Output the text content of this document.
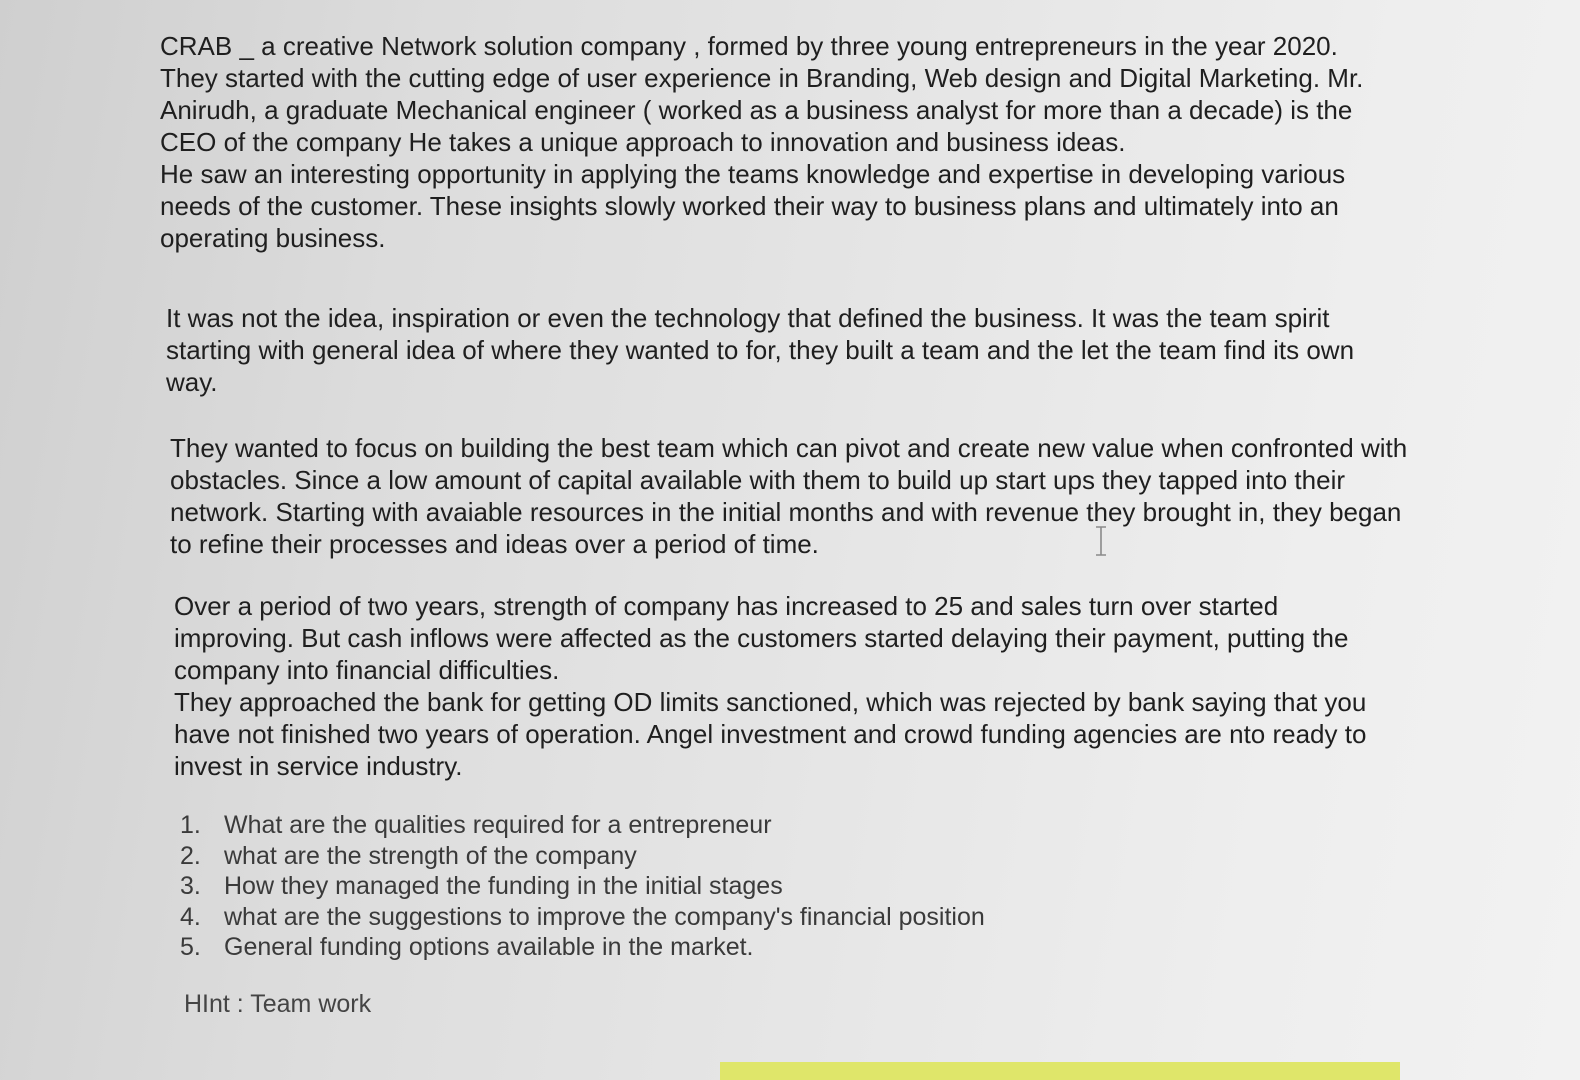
CRAB _ a creative Network solution company , formed by three young entrepreneurs in the year 2020.

They started with the cutting edge of user experience in Branding, Web design and Digital Marketing. Mr.

Anirudh, a graduate Mechanical engineer ( worked as a business analyst for more than a decade) is the

CEO of the company He takes a unique approach to innovation and business ideas.

He saw an interesting opportunity in applying the teams knowledge and expertise in developing various

needs of the customer. These insights slowly worked their way to business plans and ultimately into an

operating business.

It was not the idea, inspiration or even the technology that defined the business. It was the team spirit

starting with general idea of where they wanted to for, they built a team and the let the team find its own

way.

They wanted to focus on building the best team which can pivot and create new value when confronted with

obstacles. Since a low amount of capital available with them to build up start ups they tapped into their

network. Starting with avaiable resources in the initial months and with revenue they brought in, they began

to refine their processes and ideas over a period of time.

Over a period of two years, strength of company has increased to 25 and sales turn over started

improving. But cash inflows were affected as the customers started delaying their payment, putting the

company into financial difficulties.

They approached the bank for getting OD limits sanctioned, which was rejected by bank saying that you

have not finished two years of operation. Angel investment and crowd funding agencies are nto ready to

invest in service industry.

1. What are the qualities required for a entrepreneur
2. what are the strength of the company
3. How they managed the funding in the initial stages
4. what are the suggestions to improve the company's financial position
5. General funding options available in the market.
HInt : Team work
